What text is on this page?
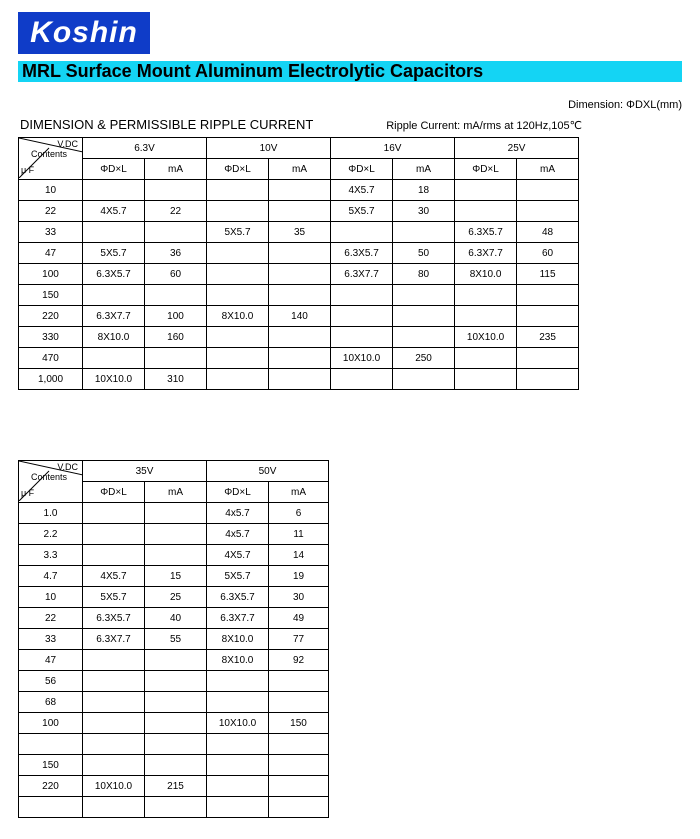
Koshin
MRL Surface Mount Aluminum Electrolytic Capacitors
Dimension: ΦDXL(mm)
DIMENSION & PERMISSIBLE RIPPLE CURRENT	Ripple Current: mA/rms at 120Hz,105℃
V.DC
Contents
μ F	6.3V		10V		16V		25V	
	ΦD×L	mA	ΦD×L	mA	ΦD×L	mA	ΦD×L	mA
10					4X5.7	18		
22	4X5.7	22			5X5.7	30		
33			5X5.7	35			6.3X5.7	48
47	5X5.7	36			6.3X5.7	50	6.3X7.7	60
100	6.3X5.7	60			6.3X7.7	80	8X10.0	115
150								
220	6.3X7.7	100	8X10.0	140				
330	8X10.0	160					10X10.0	235
470					10X10.0	250		
1,000	10X10.0	310						
V.DC
Contents
μ F	35V		50V	
	ΦD×L	mA	ΦD×L	mA
1.0			4x5.7	6
2.2			4x5.7	11
3.3			4X5.7	14
4.7	4X5.7	15	5X5.7	19
10	5X5.7	25	6.3X5.7	30
22	6.3X5.7	40	6.3X7.7	49
33	6.3X7.7	55	8X10.0	77
47			8X10.0	92
56				
68				
100			10X10.0	150

150				
220	10X10.0	215		
